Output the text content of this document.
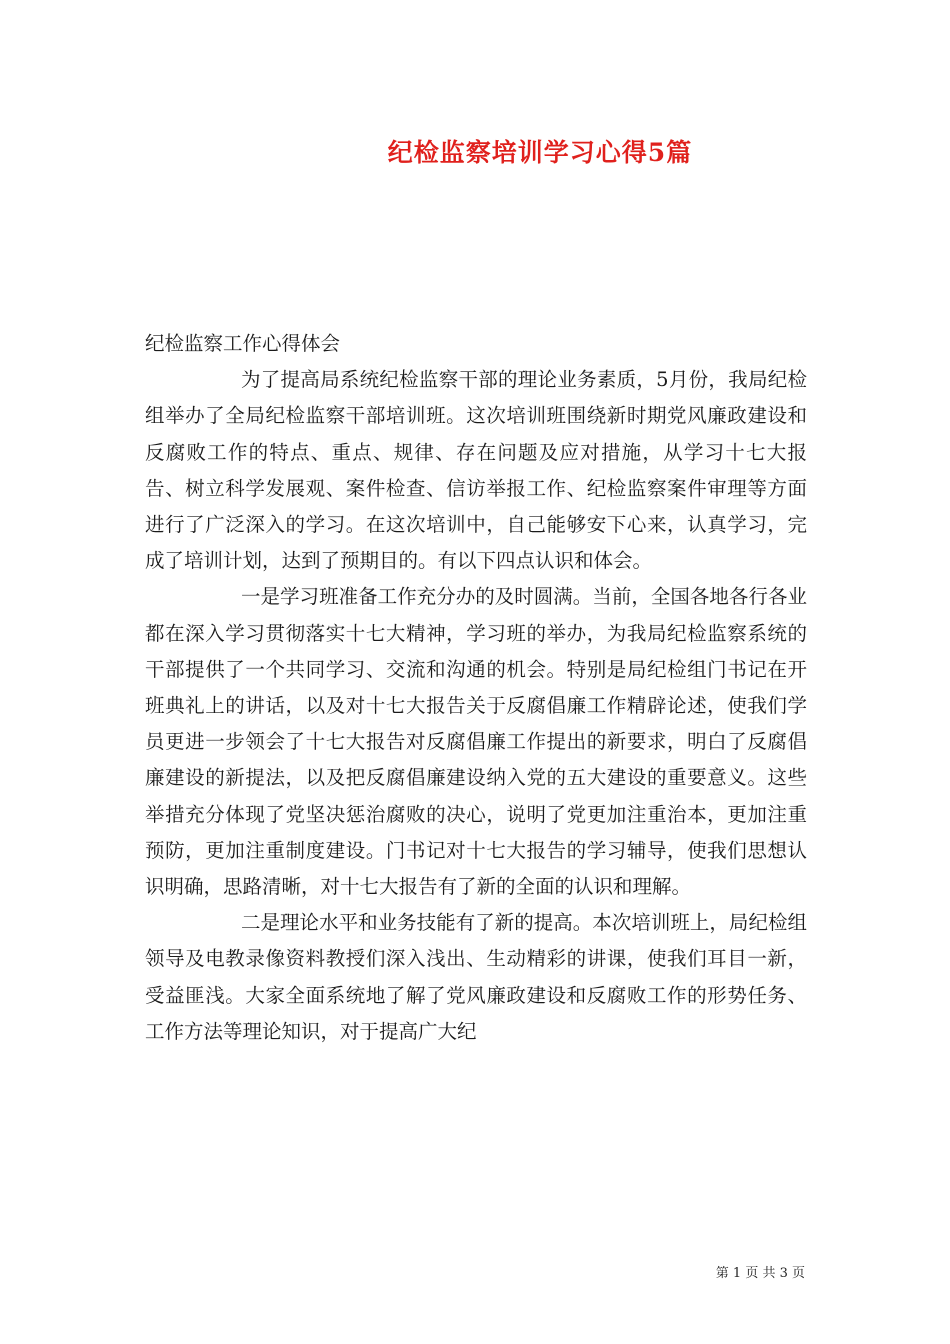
纪检监察培训学习心得5篇

纪检监察工作心得体会

为了提高局系统纪检监察干部的理论业务素质，5月份，我局纪检组举办了全局纪检监察干部培训班。这次培训班围绕新时期党风廉政建设和反腐败工作的特点、重点、规律、存在问题及应对措施，从学习十七大报告、树立科学发展观、案件检查、信访举报工作、纪检监察案件审理等方面进行了广泛深入的学习。在这次培训中，自己能够安下心来，认真学习，完成了培训计划，达到了预期目的。有以下四点认识和体会。

一是学习班准备工作充分办的及时圆满。当前，全国各地各行各业都在深入学习贯彻落实十七大精神，学习班的举办，为我局纪检监察系统的干部提供了一个共同学习、交流和沟通的机会。特别是局纪检组门书记在开班典礼上的讲话，以及对十七大报告关于反腐倡廉工作精辟论述，使我们学员更进一步领会了十七大报告对反腐倡廉工作提出的新要求，明白了反腐倡廉建设的新提法，以及把反腐倡廉建设纳入党的五大建设的重要意义。这些举措充分体现了党坚决惩治腐败的决心，说明了党更加注重治本，更加注重预防，更加注重制度建设。门书记对十七大报告的学习辅导，使我们思想认识明确，思路清晰，对十七大报告有了新的全面的认识和理解。

二是理论水平和业务技能有了新的提高。本次培训班上，局纪检组领导及电教录像资料教授们深入浅出、生动精彩的讲课，使我们耳目一新，受益匪浅。大家全面系统地了解了党风廉政建设和反腐败工作的形势任务、工作方法等理论知识，对于提高广大纪

第 1 页 共 3 页
